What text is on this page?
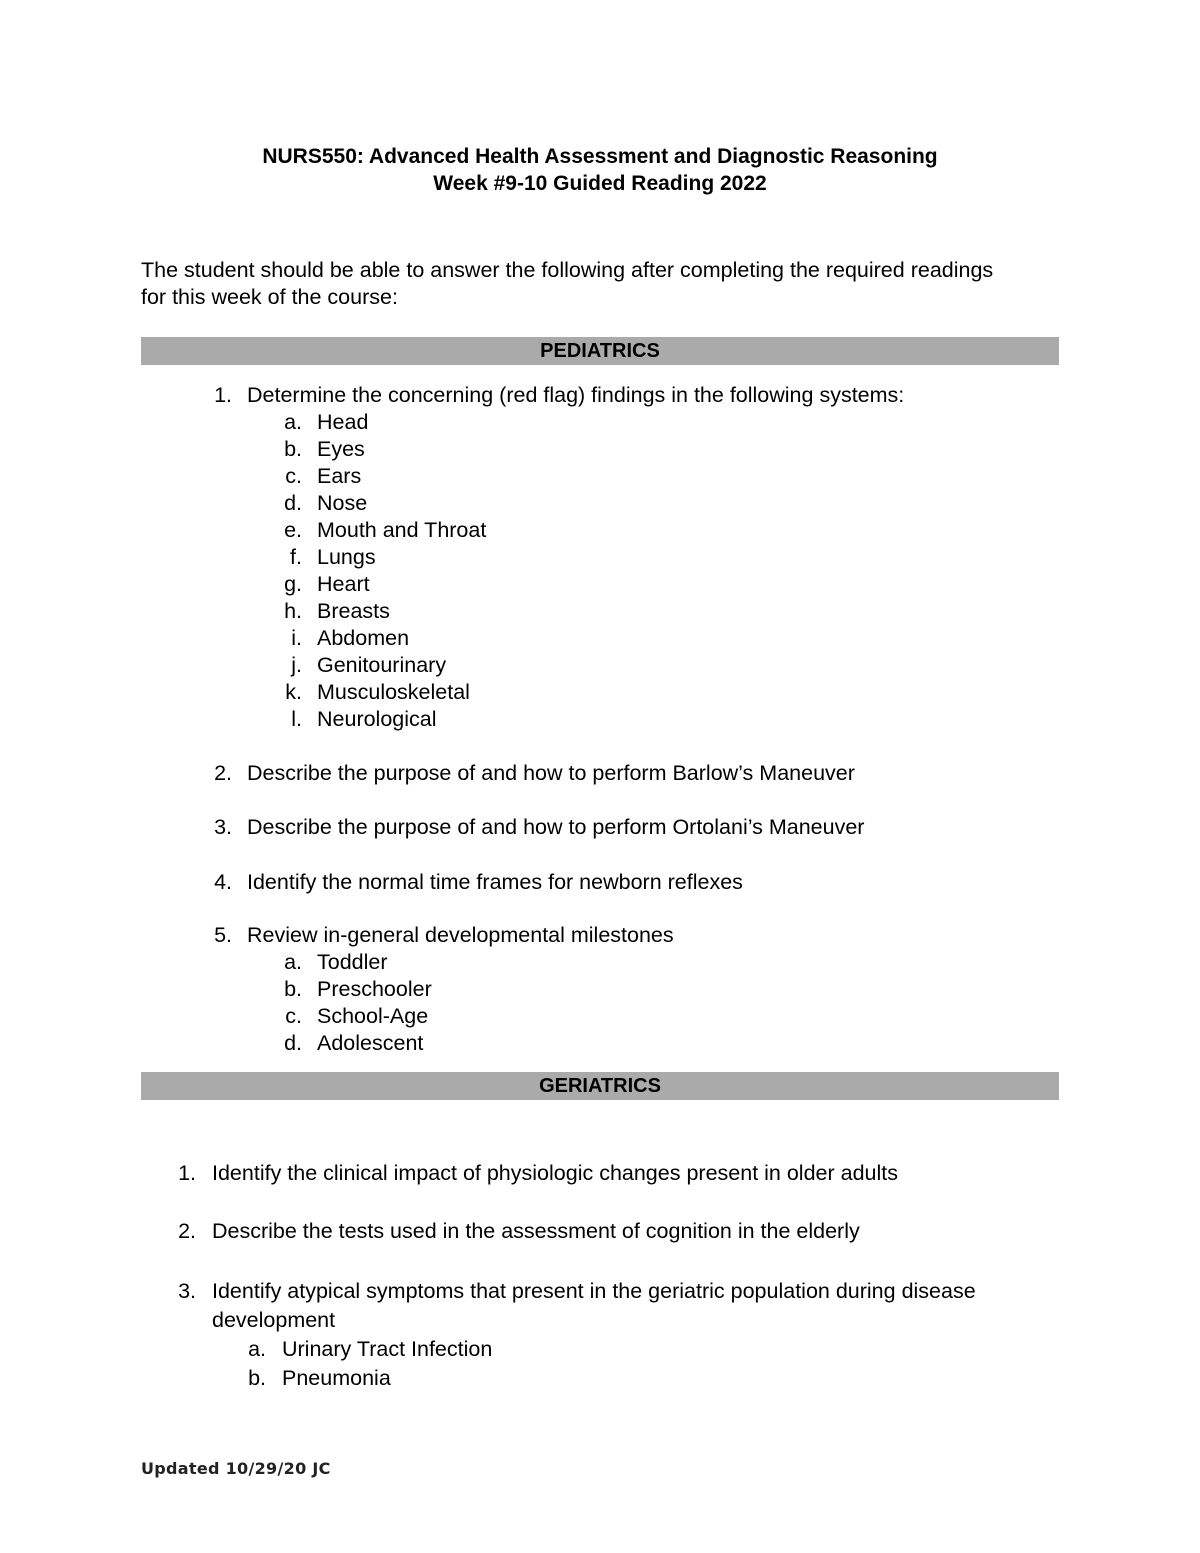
NURS550: Advanced Health Assessment and Diagnostic Reasoning
Week #9-10 Guided Reading 2022
The student should be able to answer the following after completing the required readings for this week of the course:
PEDIATRICS
1. Determine the concerning (red flag) findings in the following systems:
a. Head
b. Eyes
c. Ears
d. Nose
e. Mouth and Throat
f. Lungs
g. Heart
h. Breasts
i. Abdomen
j. Genitourinary
k. Musculoskeletal
l. Neurological
2. Describe the purpose of and how to perform Barlow’s Maneuver
3. Describe the purpose of and how to perform Ortolani’s Maneuver
4. Identify the normal time frames for newborn reflexes
5. Review in-general developmental milestones
a. Toddler
b. Preschooler
c. School-Age
d. Adolescent
GERIATRICS
1. Identify the clinical impact of physiologic changes present in older adults
2. Describe the tests used in the assessment of cognition in the elderly
3. Identify atypical symptoms that present in the geriatric population during disease
development
a. Urinary Tract Infection
b. Pneumonia
Updated 10/29/20 JC
